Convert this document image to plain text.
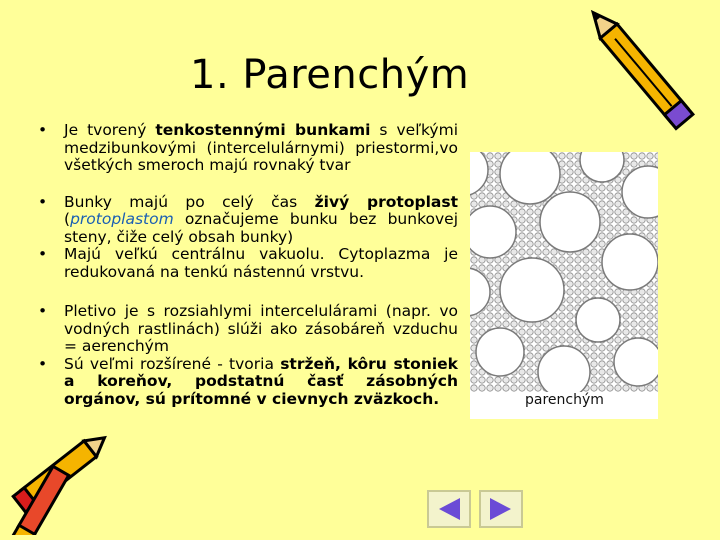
1. Parenchým
• Je tvorený tenkostennými bunkami s veľkými medzibunkovými (intercelulárnymi) priestormi,vo všetkých smeroch majú rovnaký tvar
• Bunky majú po celý čas živý protoplast (protoplastom označujeme bunku bez bunkovej steny, čiže celý obsah bunky)
• Majú veľkú centrálnu vakuolu. Cytoplazma je redukovaná na tenkú nástennú vrstvu.
• Pletivo je s rozsiahlymi intercelulárami (napr. vo vodných rastlinách) slúži ako zásobáreň vzduchu = aerenchým
• Sú veľmi rozšírené - tvoria stržeň, kôru stoniek a koreňov, podstatnú časť zásobných orgánov, sú prítomné v cievnych zväzkoch.	parenchým
